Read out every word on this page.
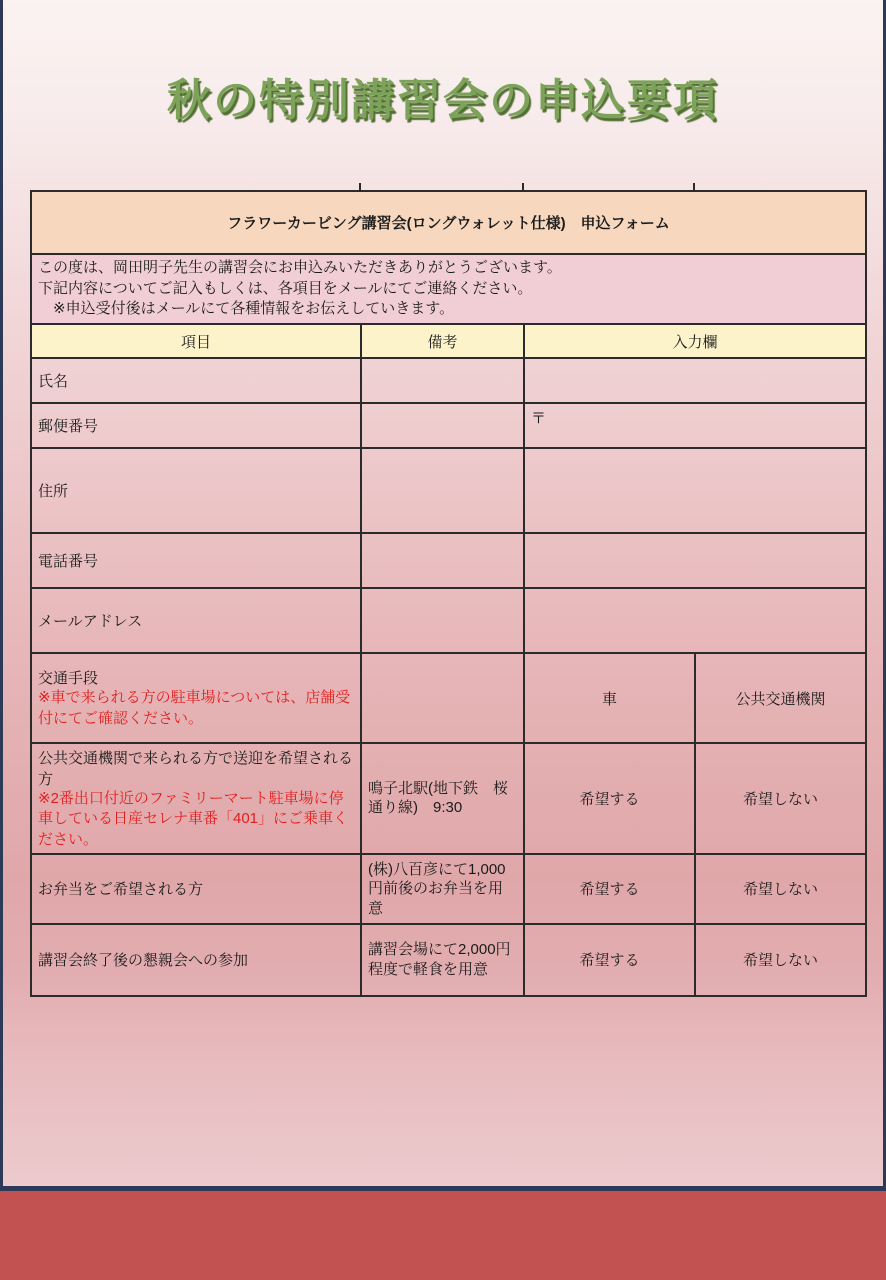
秋の特別講習会の申込要項
フラワーカービング講習会(ロングウォレット仕様)　申込フォーム			

この度は、岡田明子先生の講習会にお申込みいただきありがとうございます。
下記内容についてご記入もしくは、各項目をメールにてご連絡ください。
　※申込受付後はメールにて各種情報をお伝えしていきます。			

項目	備考	入力欄	
氏名			
郵便番号		〒	
住所			
電話番号			
メールアドレス			

交通手段
※車で来られる方の駐車場については、店舗受付にてご確認ください。		車	公共交通機関

公共交通機関で来られる方で送迎を希望される方
※2番出口付近のファミリーマート駐車場に停車している日産セレナ車番「401」にご乗車ください。	鳴子北駅(地下鉄　桜通り線)　9:30	希望する	希望しない
お弁当をご希望される方	(株)八百彦にて1,000円前後のお弁当を用意	希望する	希望しない
講習会終了後の懇親会への参加	講習会場にて2,000円程度で軽食を用意	希望する	希望しない
